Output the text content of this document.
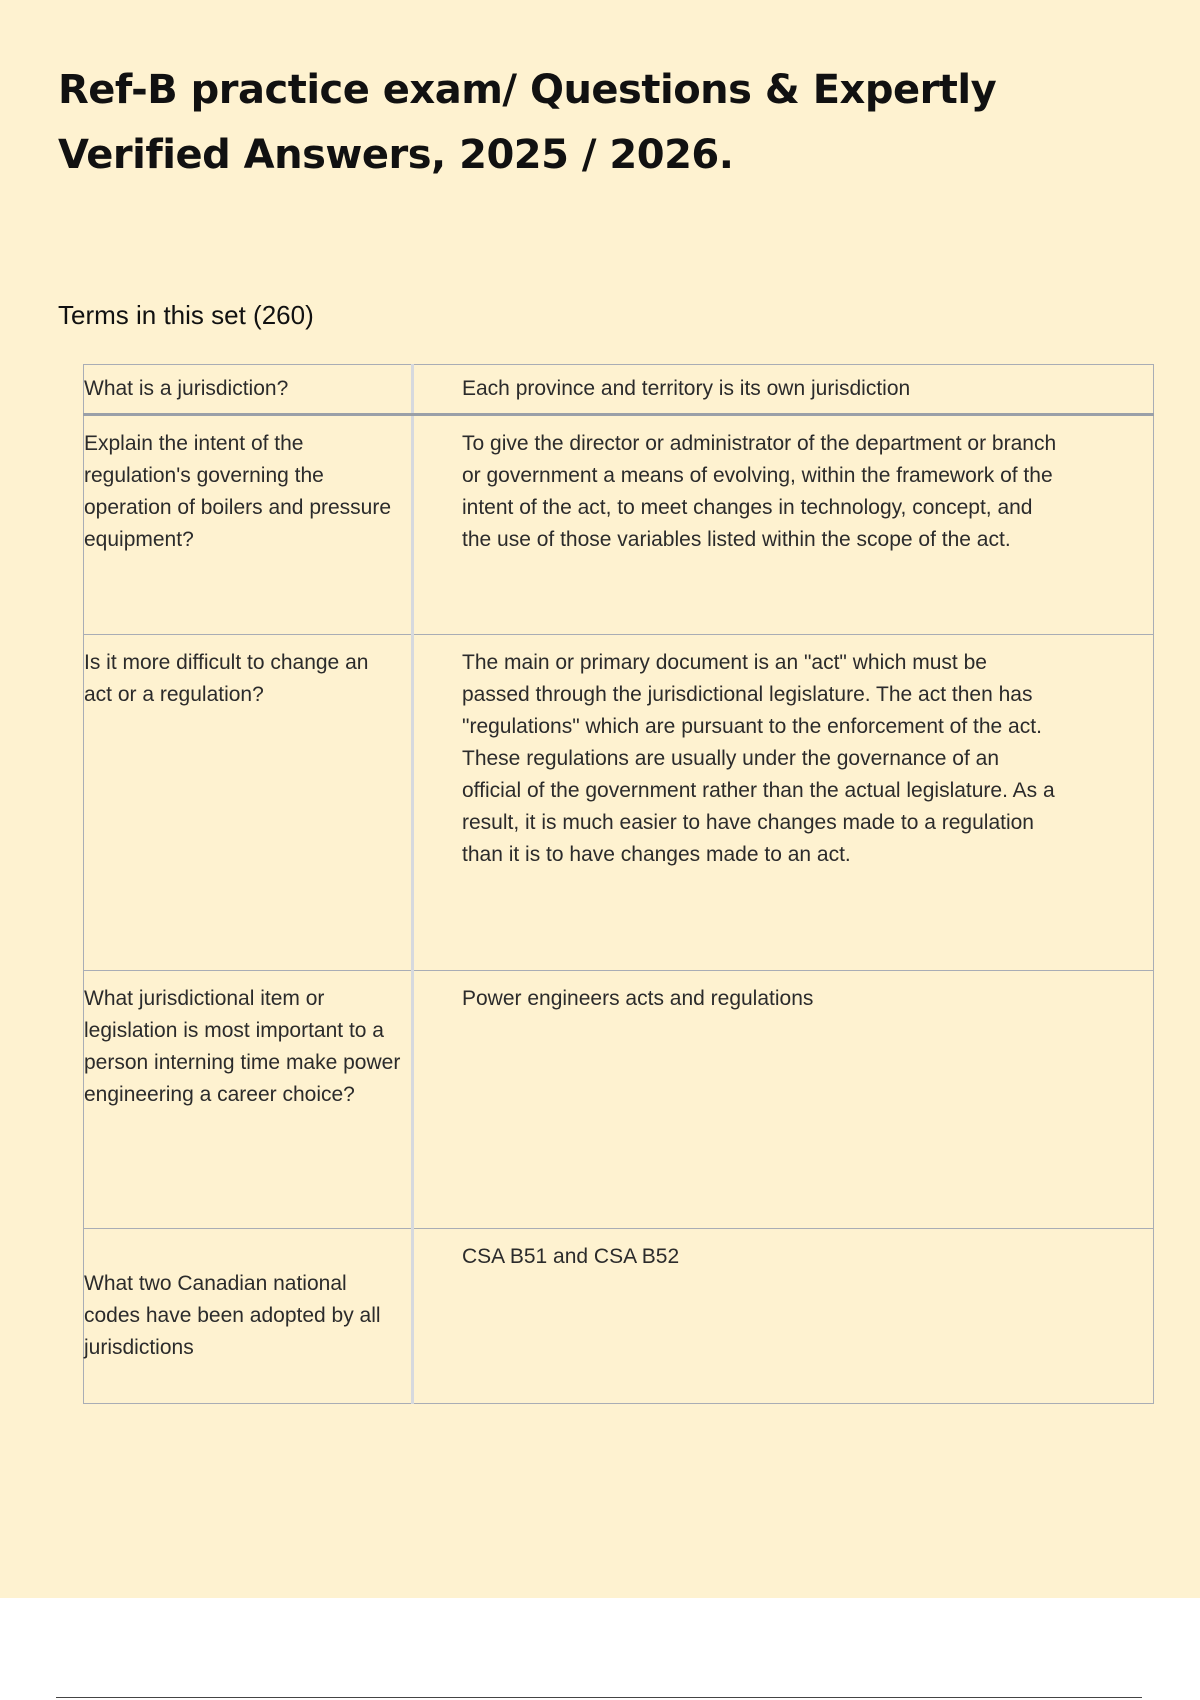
Ref-B practice exam/ Questions & Expertly Verified Answers, 2025 / 2026.

Terms in this set (260)

What is a jurisdiction?	Each province and territory is its own jurisdiction
Explain the intent of the regulation's governing the operation of boilers and pressure equipment?	To give the director or administrator of the department or branch or government a means of evolving, within the framework of the intent of the act, to meet changes in technology, concept, and the use of those variables listed within the scope of the act.
Is it more difficult to change an act or a regulation?	The main or primary document is an "act" which must be passed through the jurisdictional legislature. The act then has "regulations" which are pursuant to the enforcement of the act. These regulations are usually under the governance of an official of the government rather than the actual legislature. As a result, it is much easier to have changes made to a regulation than it is to have changes made to an act.
What jurisdictional item or legislation is most important to a person interning time make power engineering a career choice?	Power engineers acts and regulations
What two Canadian national codes have been adopted by all jurisdictions	CSA B51 and CSA B52
